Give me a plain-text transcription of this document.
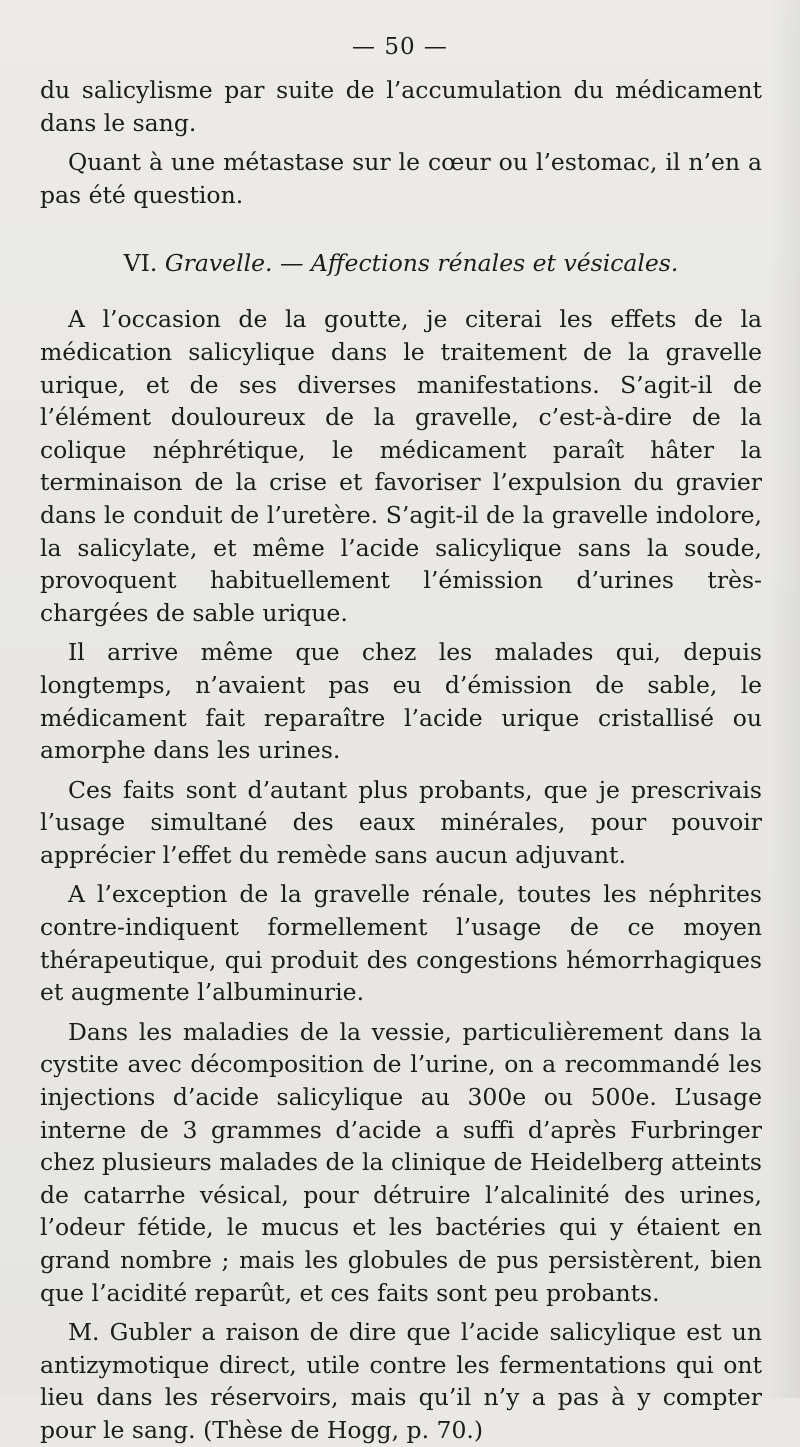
— 50 —

du salicylisme par suite de l’accumulation du médicament dans le sang.

Quant à une métastase sur le cœur ou l’estomac, il n’en a pas été question.

VI. Gravelle. — Affections rénales et vésicales.

A l’occasion de la goutte, je citerai les effets de la médication salicylique dans le traitement de la gravelle urique, et de ses diverses manifestations. S’agit-il de l’élément douloureux de la gravelle, c’est-à-dire de la colique néphrétique, le médicament paraît hâter la terminaison de la crise et favoriser l’expulsion du gravier dans le conduit de l’uretère. S’agit-il de la gravelle indolore, la salicylate, et même l’acide salicylique sans la soude, provoquent habituellement l’émission d’urines très-chargées de sable urique.

Il arrive même que chez les malades qui, depuis longtemps, n’avaient pas eu d’émission de sable, le médicament fait reparaître l’acide urique cristallisé ou amorphe dans les urines.

Ces faits sont d’autant plus probants, que je prescrivais l’usage simultané des eaux minérales, pour pouvoir apprécier l’effet du remède sans aucun adjuvant.

A l’exception de la gravelle rénale, toutes les néphrites contre-indiquent formellement l’usage de ce moyen thérapeutique, qui produit des congestions hémorrhagiques et augmente l’albuminurie.

Dans les maladies de la vessie, particulièrement dans la cystite avec décomposition de l’urine, on a recommandé les injections d’acide salicylique au 300e ou 500e. L’usage interne de 3 grammes d’acide a suffi d’après Furbringer chez plusieurs malades de la clinique de Heidelberg atteints de catarrhe vésical, pour détruire l’alcalinité des urines, l’odeur fétide, le mucus et les bactéries qui y étaient en grand nombre ; mais les globules de pus persistèrent, bien que l’acidité reparût, et ces faits sont peu probants.

M. Gubler a raison de dire que l’acide salicylique est un antizymotique direct, utile contre les fermentations qui ont lieu dans les réservoirs, mais qu’il n’y a pas à y compter pour le sang. (Thèse de Hogg, p. 70.)
